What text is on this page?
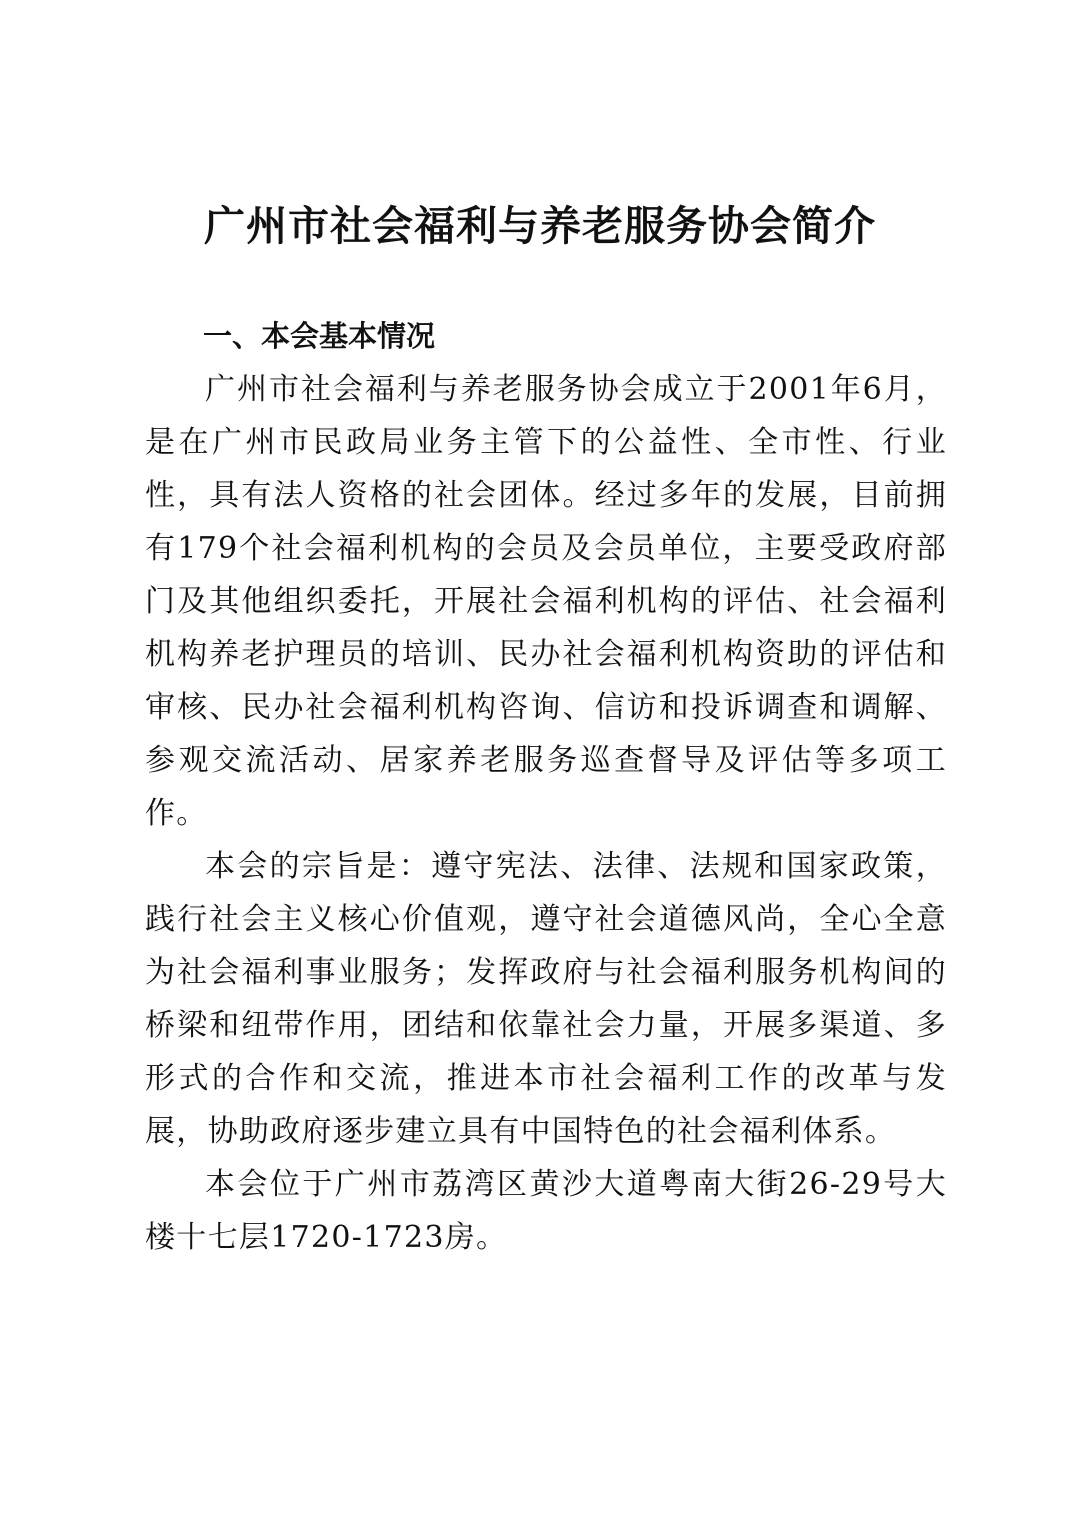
广州市社会福利与养老服务协会简介
一、本会基本情况

广州市社会福利与养老服务协会成立于2001年6月，是在广州市民政局业务主管下的公益性、全市性、行业性，具有法人资格的社会团体。经过多年的发展，目前拥有179个社会福利机构的会员及会员单位，主要受政府部门及其他组织委托，开展社会福利机构的评估、社会福利机构养老护理员的培训、民办社会福利机构资助的评估和审核、民办社会福利机构咨询、信访和投诉调查和调解、参观交流活动、居家养老服务巡查督导及评估等多项工作。

本会的宗旨是：遵守宪法、法律、法规和国家政策，践行社会主义核心价值观，遵守社会道德风尚，全心全意为社会福利事业服务；发挥政府与社会福利服务机构间的桥梁和纽带作用，团结和依靠社会力量，开展多渠道、多形式的合作和交流，推进本市社会福利工作的改革与发展，协助政府逐步建立具有中国特色的社会福利体系。

本会位于广州市荔湾区黄沙大道粤南大街26-29号大楼十七层1720-1723房。
